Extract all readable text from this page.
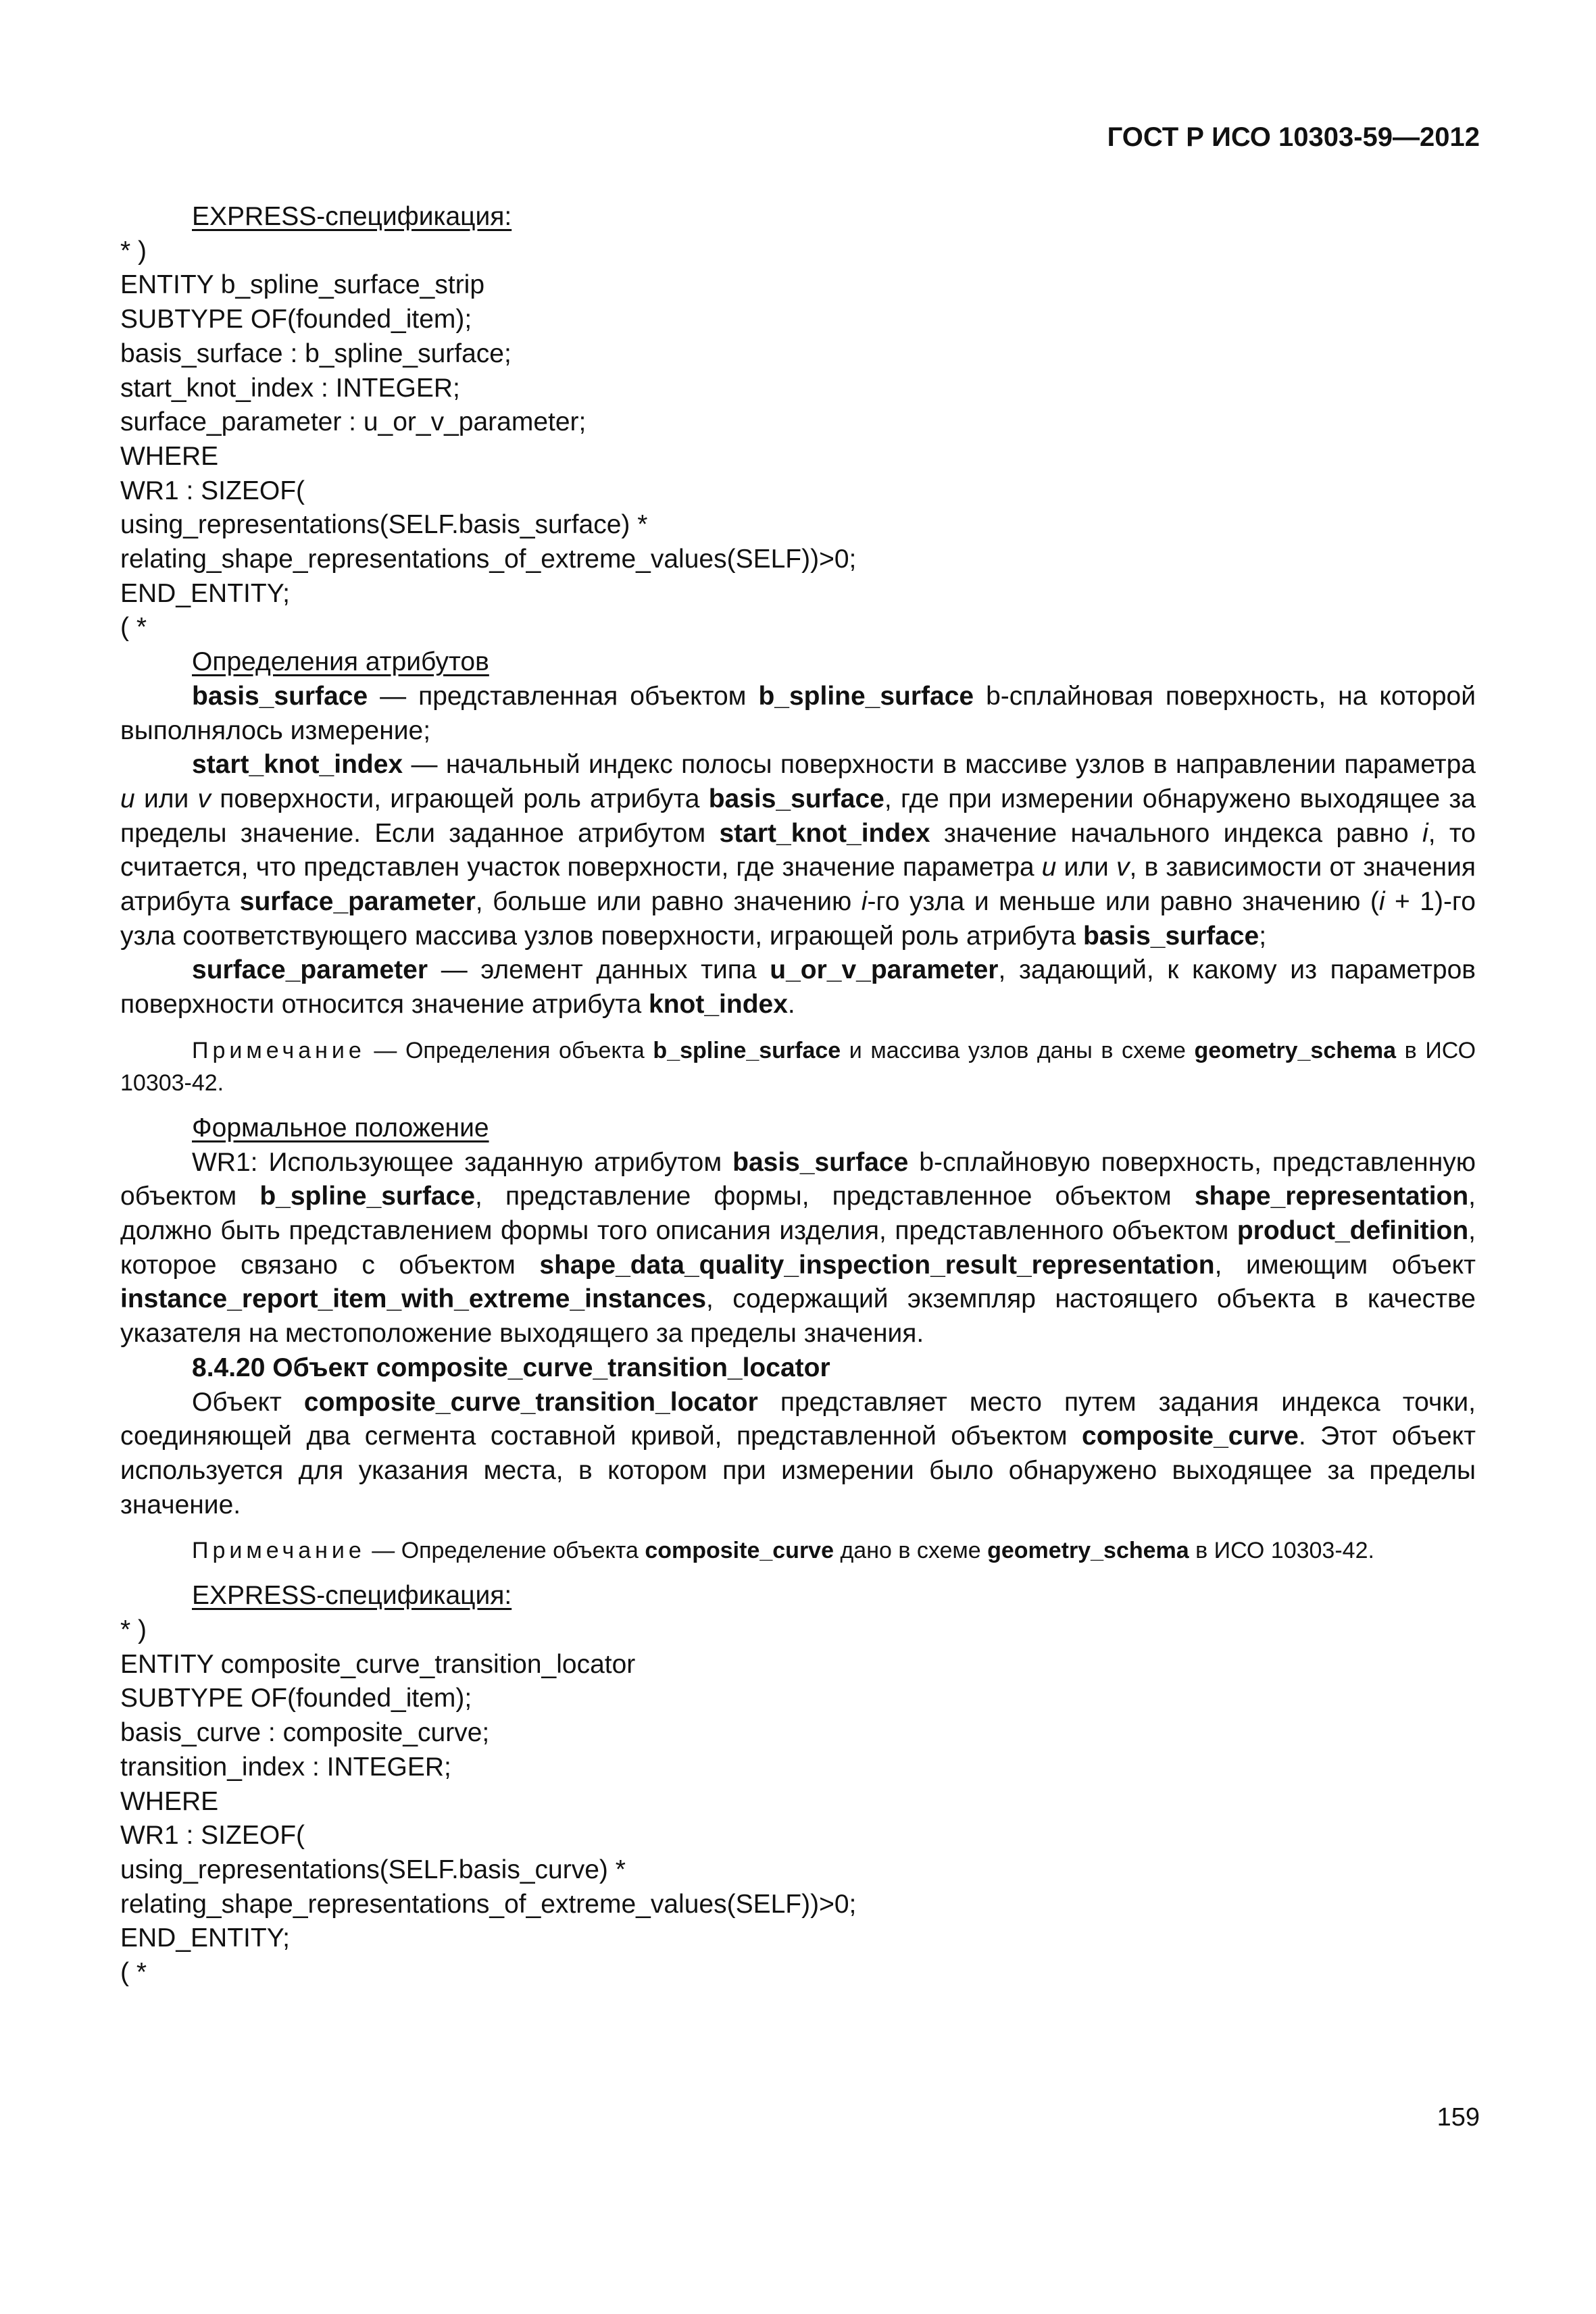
ГОСТ Р ИСО 10303-59—2012
EXPRESS-спецификация:
* )
ENTITY b_spline_surface_strip
SUBTYPE OF(founded_item);
basis_surface : b_spline_surface;
start_knot_index : INTEGER;
surface_parameter : u_or_v_parameter;
WHERE
WR1 : SIZEOF(
using_representations(SELF.basis_surface) *
relating_shape_representations_of_extreme_values(SELF))>0;
END_ENTITY;
( *
Определения атрибутов

basis_surface — представленная объектом b_spline_surface b-сплайновая поверхность, на которой выполнялось измерение;

start_knot_index — начальный индекс полосы поверхности в массиве узлов в направлении параметра u или v поверхности, играющей роль атрибута basis_surface, где при измерении обнаружено выходящее за пределы значение. Если заданное атрибутом start_knot_index значение начального индекса равно i, то считается, что представлен участок поверхности, где значение параметра u или v, в зависимости от значения атрибута surface_parameter, больше или равно значению i-го узла и меньше или равно значению (i + 1)-го узла соответствующего массива узлов поверхности, играющей роль атрибута basis_surface;

surface_parameter — элемент данных типа u_or_v_parameter, задающий, к какому из параметров поверхности относится значение атрибута knot_index.

Примечание — Определения объекта b_spline_surface и массива узлов даны в схеме geometry_schema в ИСО 10303-42.
Формальное положение

WR1: Использующее заданную атрибутом basis_surface b-сплайновую поверхность, представленную объектом b_spline_surface, представление формы, представленное объектом shape_representation, должно быть представлением формы того описания изделия, представленного объектом product_definition, которое связано с объектом shape_data_quality_inspection_result_representation, имеющим объект instance_report_item_with_extreme_instances, содержащий экземпляр настоящего объекта в качестве указателя на местоположение выходящего за пределы значения.

8.4.20 Объект composite_curve_transition_locator

Объект composite_curve_transition_locator представляет место путем задания индекса точки, соединяющей два сегмента составной кривой, представленной объектом composite_curve. Этот объект используется для указания места, в котором при измерении было обнаружено выходящее за пределы значение.

Примечание — Определение объекта composite_curve дано в схеме geometry_schema в ИСО 10303-42.
EXPRESS-спецификация:
* )
ENTITY composite_curve_transition_locator
SUBTYPE OF(founded_item);
basis_curve : composite_curve;
transition_index : INTEGER;
WHERE
WR1 : SIZEOF(
using_representations(SELF.basis_curve) *
relating_shape_representations_of_extreme_values(SELF))>0;
END_ENTITY;
( *
159
